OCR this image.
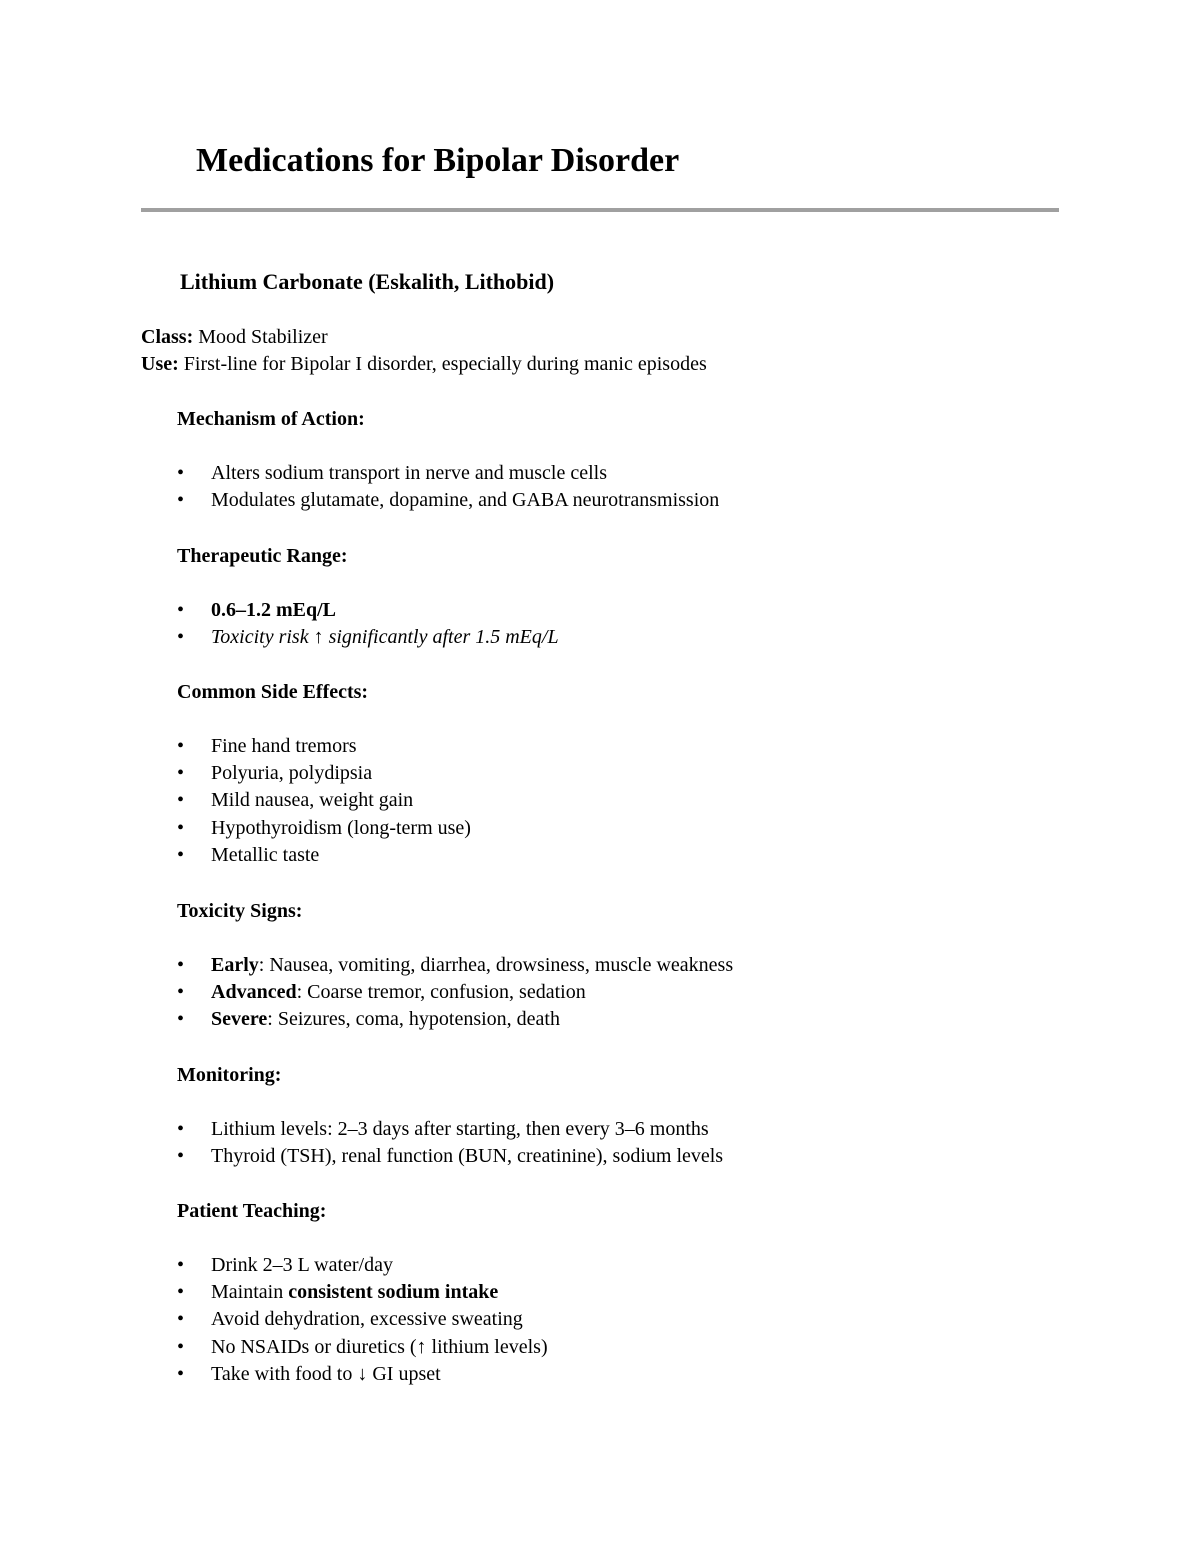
Medications for Bipolar Disorder
Lithium Carbonate (Eskalith, Lithobid)
Class: Mood Stabilizer
Use: First-line for Bipolar I disorder, especially during manic episodes
Mechanism of Action:
• Alters sodium transport in nerve and muscle cells
• Modulates glutamate, dopamine, and GABA neurotransmission
Therapeutic Range:
• 0.6–1.2 mEq/L
• Toxicity risk ↑ significantly after 1.5 mEq/L
Common Side Effects:
• Fine hand tremors
• Polyuria, polydipsia
• Mild nausea, weight gain
• Hypothyroidism (long-term use)
• Metallic taste
Toxicity Signs:
• Early: Nausea, vomiting, diarrhea, drowsiness, muscle weakness
• Advanced: Coarse tremor, confusion, sedation
• Severe: Seizures, coma, hypotension, death
Monitoring:
• Lithium levels: 2–3 days after starting, then every 3–6 months
• Thyroid (TSH), renal function (BUN, creatinine), sodium levels
Patient Teaching:
• Drink 2–3 L water/day
• Maintain consistent sodium intake
• Avoid dehydration, excessive sweating
• No NSAIDs or diuretics (↑ lithium levels)
• Take with food to ↓ GI upset
